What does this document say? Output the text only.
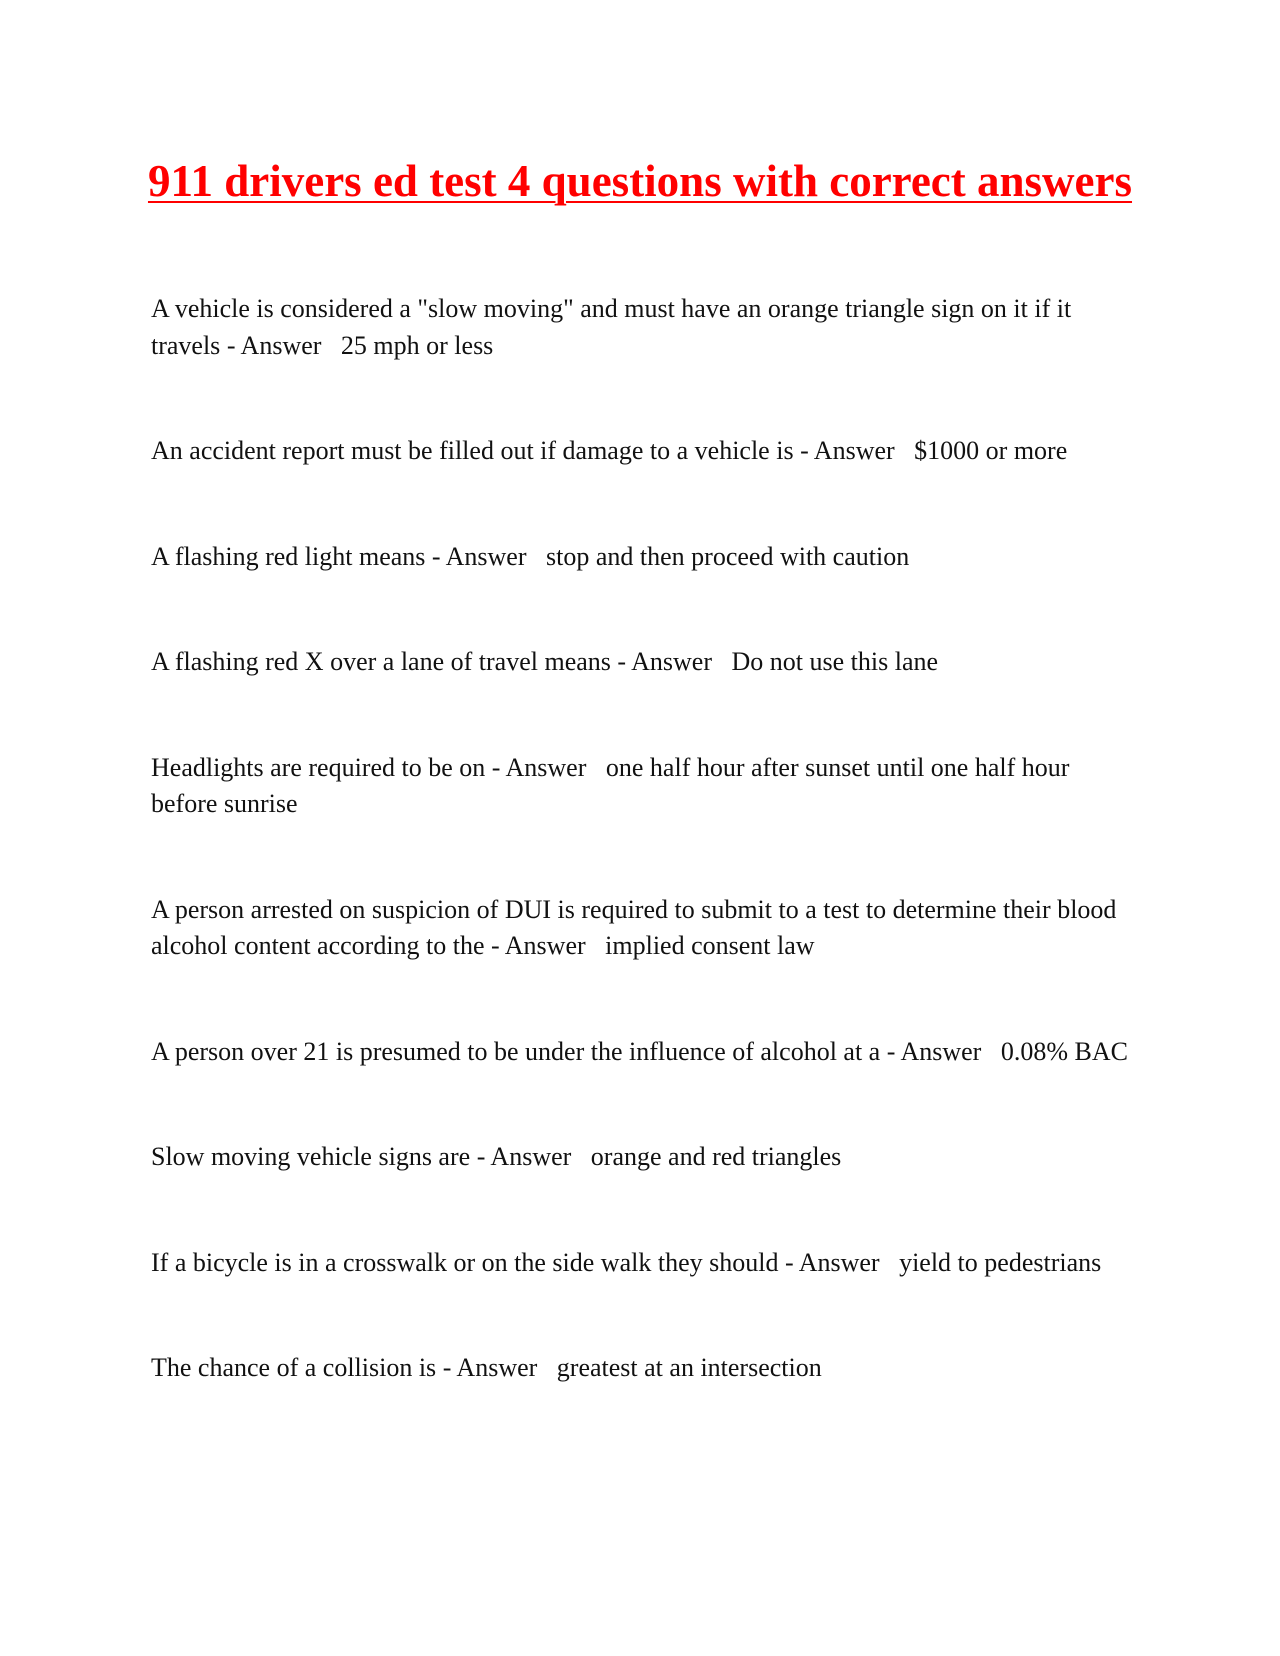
911 drivers ed test 4 questions with correct answers

A vehicle is considered a "slow moving" and must have an orange triangle sign on it if it travels - Answer 25 mph or less

An accident report must be filled out if damage to a vehicle is - Answer $1000 or more

A flashing red light means - Answer stop and then proceed with caution

A flashing red X over a lane of travel means - Answer Do not use this lane

Headlights are required to be on - Answer one half hour after sunset until one half hour before sunrise

A person arrested on suspicion of DUI is required to submit to a test to determine their blood alcohol content according to the - Answer implied consent law

A person over 21 is presumed to be under the influence of alcohol at a - Answer 0.08% BAC

Slow moving vehicle signs are - Answer orange and red triangles

If a bicycle is in a crosswalk or on the side walk they should - Answer yield to pedestrians

The chance of a collision is - Answer greatest at an intersection
